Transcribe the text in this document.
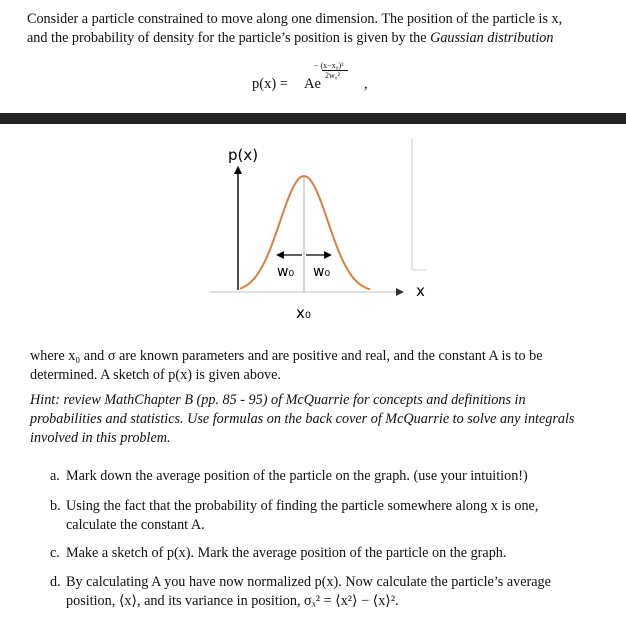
Consider a particle constrained to move along one dimension. The position of the particle is x,
and the probability of density for the particle’s position is given by the Gaussian distribution
p(x) = Ae
− (x−x₀)²
2w₀²
,
p(x)
w₀ w₀
x
x₀
where x₀ and σ are known parameters and are positive and real, and the constant A is to be
determined. A sketch of p(x) is given above.
Hint: review MathChapter B (pp. 85 - 95) of McQuarrie for concepts and definitions in
probabilities and statistics. Use formulas on the back cover of McQuarrie to solve any integrals
involved in this problem.
a. Mark down the average position of the particle on the graph. (use your intuition!)
b. Using the fact that the probability of finding the particle somewhere along x is one,
calculate the constant A.
c. Make a sketch of p(x). Mark the average position of the particle on the graph.
d. By calculating A you have now normalized p(x). Now calculate the particle’s average
position, ⟨x⟩, and its variance in position, σₓ² = ⟨x²⟩ − ⟨x⟩².
